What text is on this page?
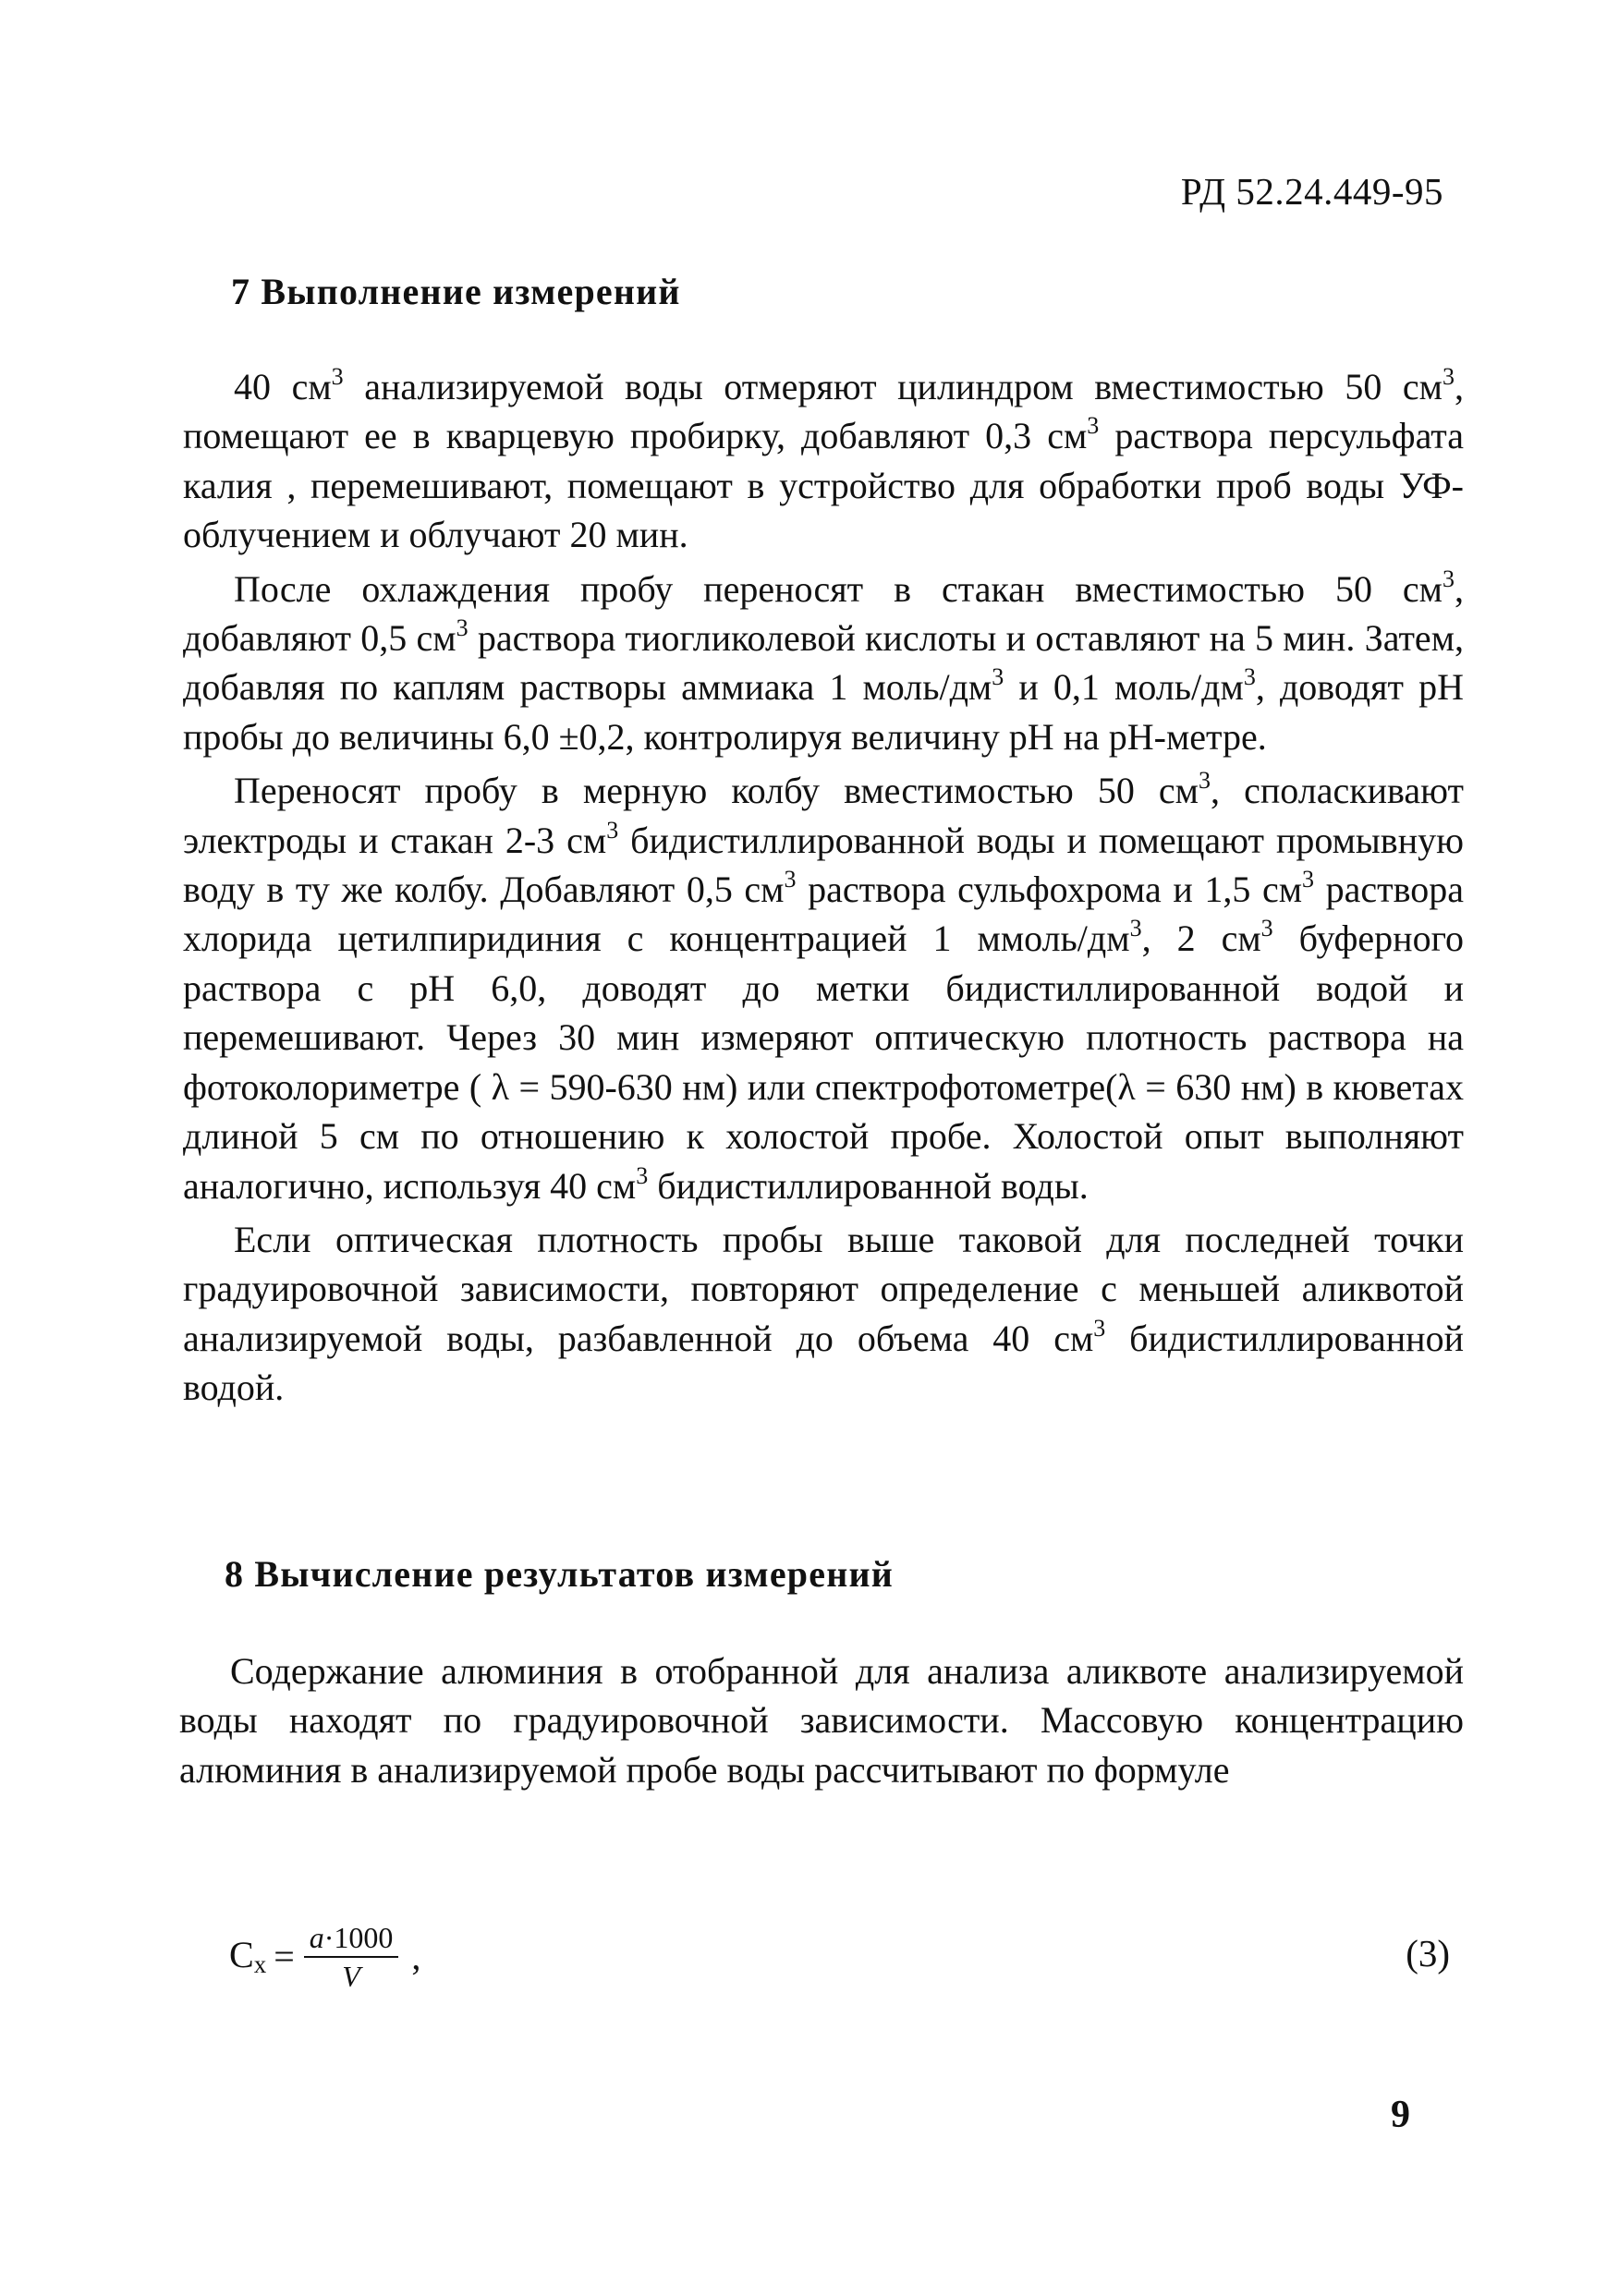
РД 52.24.449-95
7 Выполнение измерений

40 $см^3$ анализируемой воды отмеряют цилиндром вместимостью 50 $см^3$, помещают ее в кварцевую пробирку, добавляют 0,3 $см^3$ раствора персульфата калия , перемешивают, помещают в устройство для обработки проб воды УФ-облучением и облучают 20 мин.

После охлаждения пробу переносят в стакан вместимостью 50 $см^3$, добавляют 0,5 $см^3$ раствора тиогликолевой кислоты и оставляют на 5 мин. Затем, добавляя по каплям растворы аммиака 1 моль/$дм^3$ и 0,1 моль/$дм^3$, доводят pH пробы до величины 6,0 ±0,2, контролируя величину pH на pH-метре.

Переносят пробу в мерную колбу вместимостью 50 $см^3$, споласкивают электроды и стакан 2-3 $см^3$ бидистиллированной воды и помещают промывную воду в ту же колбу. Добавляют 0,5 $см^3$ раствора сульфохрома и 1,5 $см^3$ раствора хлорида цетилпиридиния с концентрацией 1 ммоль/$дм^3$, 2 $см^3$ буферного раствора с pH 6,0, доводят до метки бидистиллированной водой и перемешивают. Через 30 мин измеряют оптическую плотность раствора на фотоколориметре ( λ = 590-630 нм) или спектрофотометре(λ = 630 нм) в кюветах длиной 5 см по отношению к холостой пробе. Холостой опыт выполняют аналогично, используя 40 $см^3$ бидистиллированной воды.

Если оптическая плотность пробы выше таковой для последней точки градуировочной зависимости, повторяют определение с меньшей аликвотой анализируемой воды, разбавленной до объема 40 $см^3$ бидистиллированной водой.

8 Вычисление результатов измерений

Содержание алюминия в отобранной для анализа аликвоте анализируемой воды находят по градуировочной зависимости. Массовую концентрацию алюминия в анализируемой пробе воды рассчитывают по формуле

$C_x = \frac{a\cdot 1000}{V}$ ,	(3)
9
